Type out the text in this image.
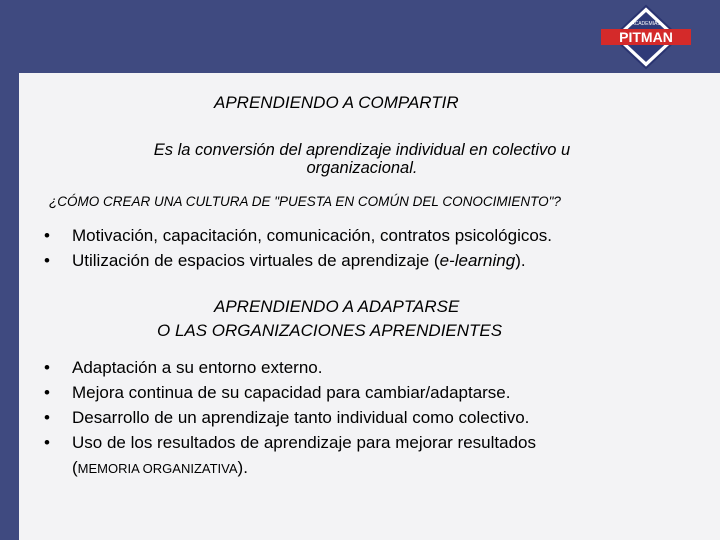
ACADEMIAS
PITMAN
APRENDIENDO A COMPARTIR
Es la conversión del aprendizaje individual en colectivo u
organizacional.
¿CÓMO CREAR UNA CULTURA DE "PUESTA EN COMÚN DEL CONOCIMIENTO"?
• Motivación, capacitación, comunicación, contratos psicológicos.
• Utilización de espacios virtuales de aprendizaje (e-learning).
APRENDIENDO A ADAPTARSE
O LAS ORGANIZACIONES APRENDIENTES
• Adaptación a su entorno externo.
• Mejora continua de su capacidad para cambiar/adaptarse.
• Desarrollo de un aprendizaje tanto individual como colectivo.
• Uso de los resultados de aprendizaje para mejorar resultados
(MEMORIA ORGANIZATIVA).
